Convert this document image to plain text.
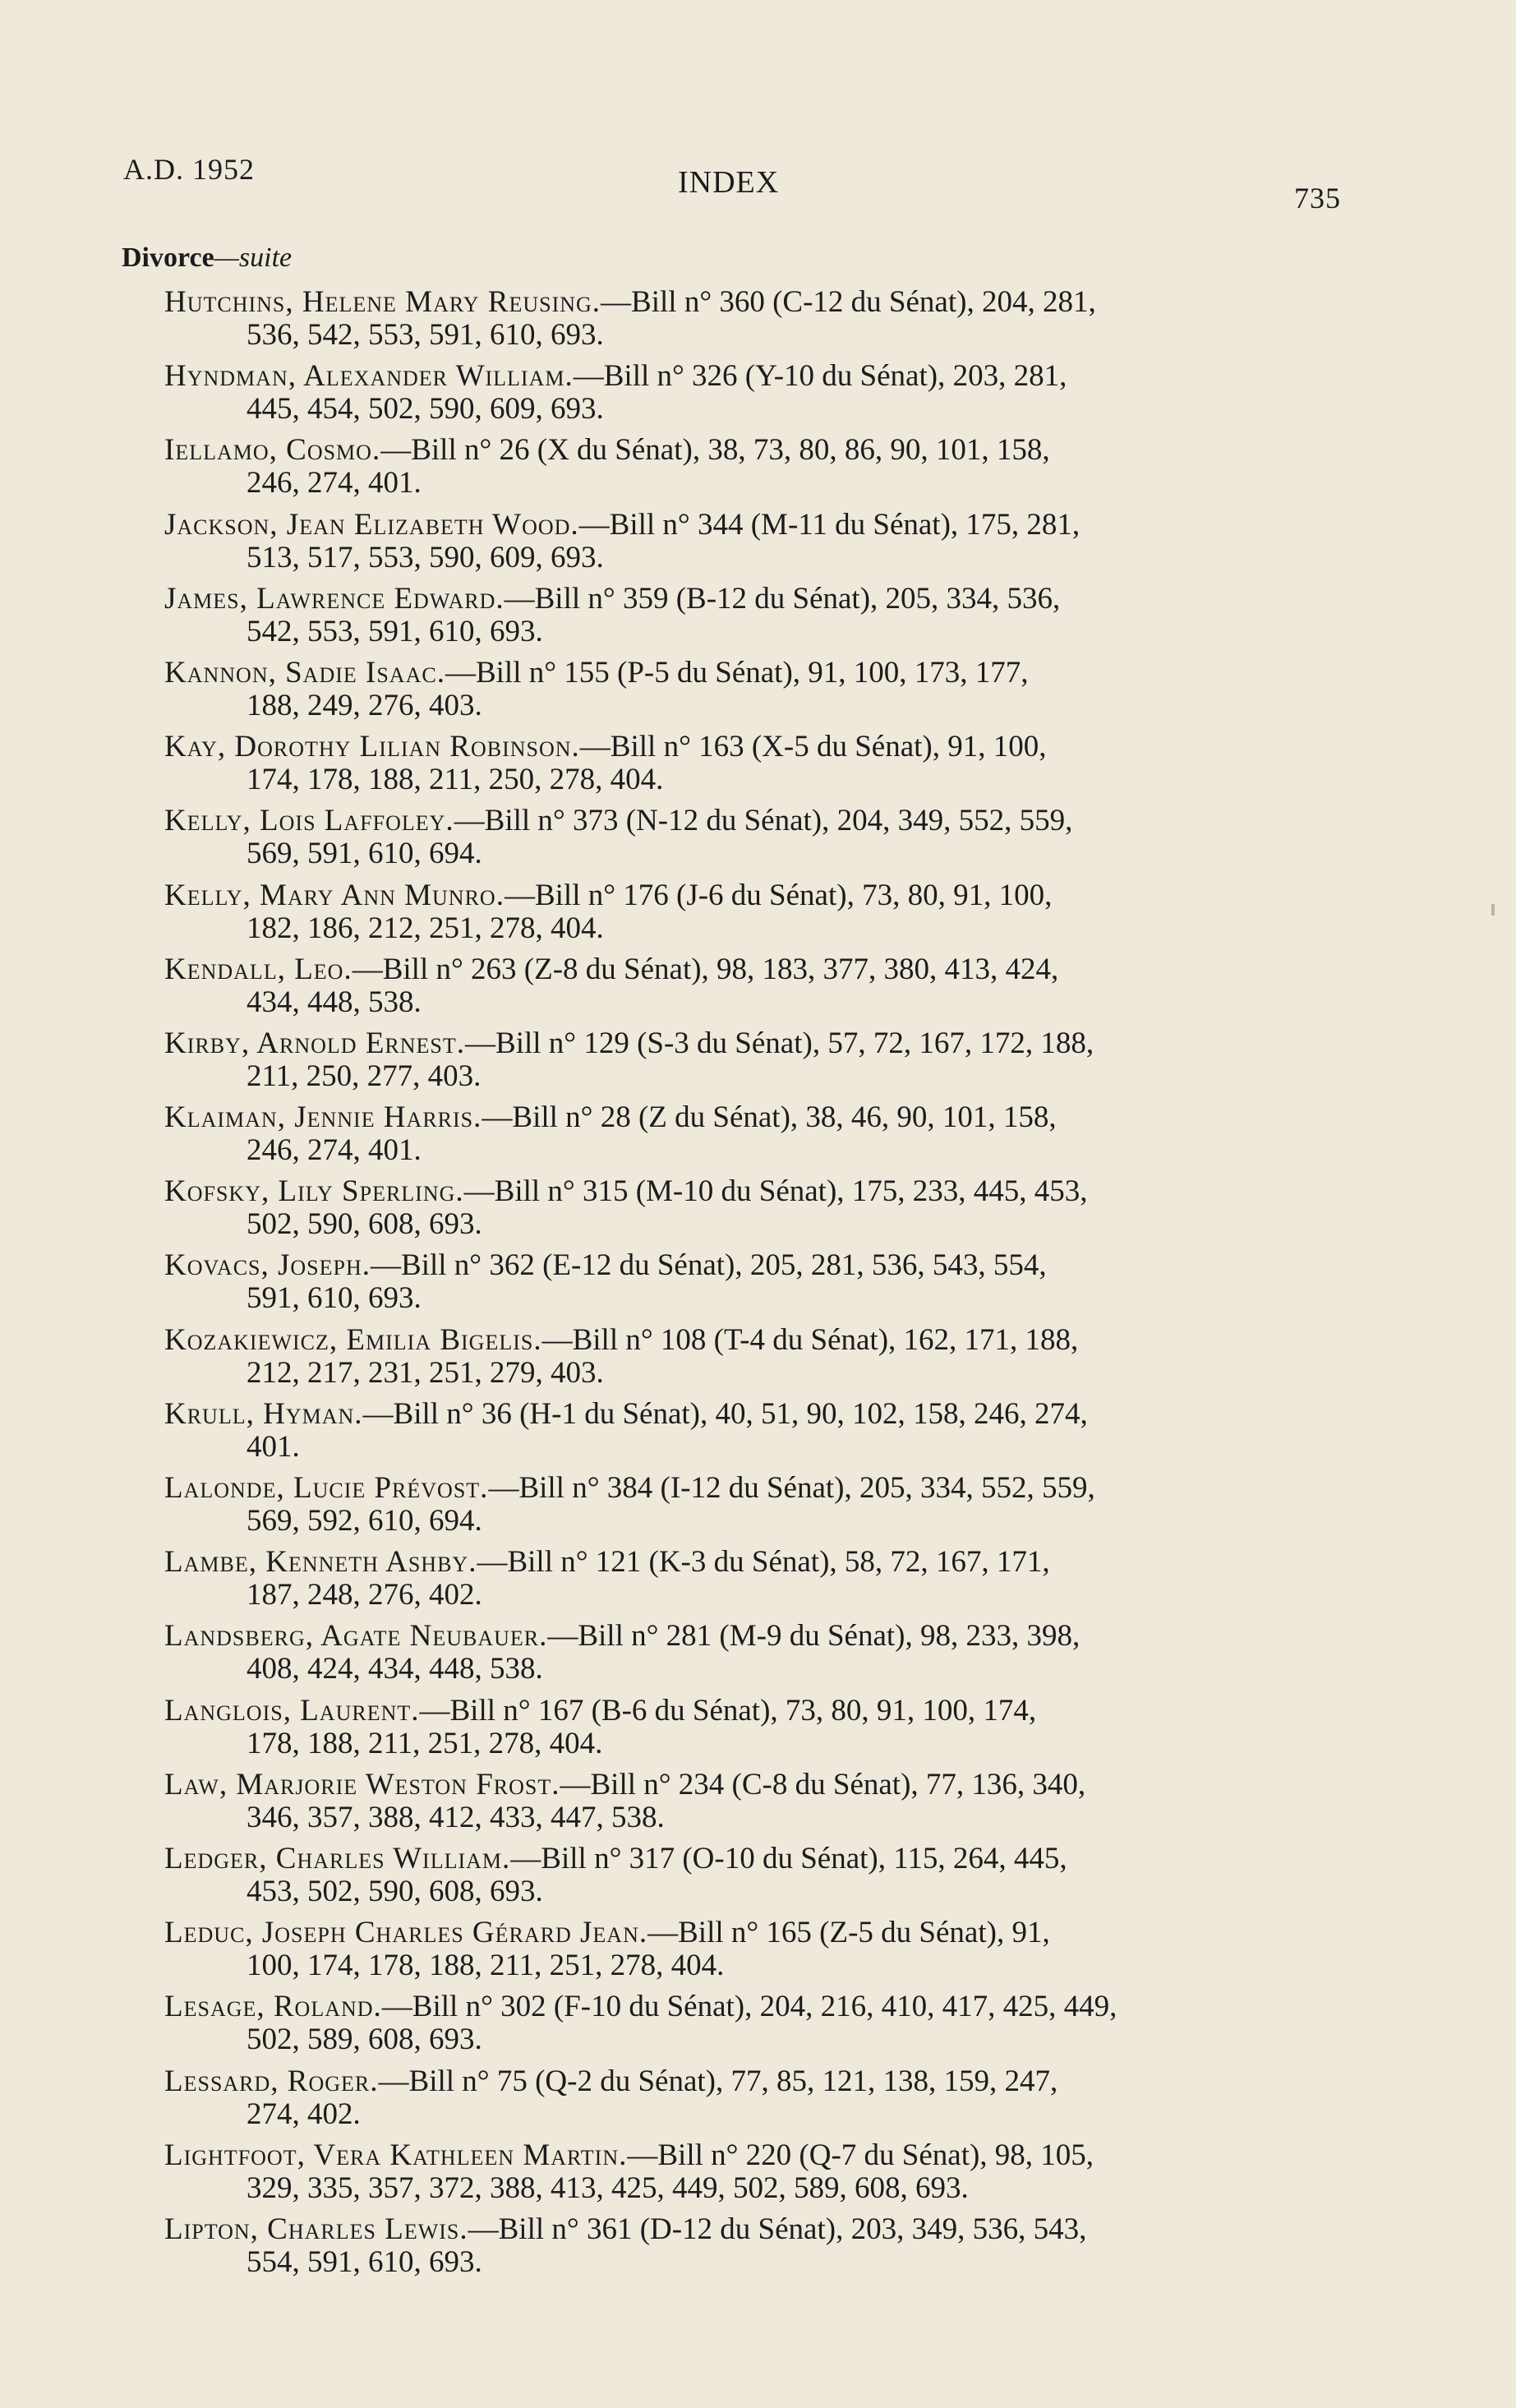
A.D. 1952	INDEX	735
Divorce—suite
Hutchins, Helene Mary Reusing.—Bill n° 360 (C-12 du Sénat), 204, 281,
536, 542, 553, 591, 610, 693.
Hyndman, Alexander William.—Bill n° 326 (Y-10 du Sénat), 203, 281,
445, 454, 502, 590, 609, 693.
Iellamo, Cosmo.—Bill n° 26 (X du Sénat), 38, 73, 80, 86, 90, 101, 158,
246, 274, 401.
Jackson, Jean Elizabeth Wood.—Bill n° 344 (M-11 du Sénat), 175, 281,
513, 517, 553, 590, 609, 693.
James, Lawrence Edward.—Bill n° 359 (B-12 du Sénat), 205, 334, 536,
542, 553, 591, 610, 693.
Kannon, Sadie Isaac.—Bill n° 155 (P-5 du Sénat), 91, 100, 173, 177,
188, 249, 276, 403.
Kay, Dorothy Lilian Robinson.—Bill n° 163 (X-5 du Sénat), 91, 100,
174, 178, 188, 211, 250, 278, 404.
Kelly, Lois Laffoley.—Bill n° 373 (N-12 du Sénat), 204, 349, 552, 559,
569, 591, 610, 694.
Kelly, Mary Ann Munro.—Bill n° 176 (J-6 du Sénat), 73, 80, 91, 100,
182, 186, 212, 251, 278, 404.
Kendall, Leo.—Bill n° 263 (Z-8 du Sénat), 98, 183, 377, 380, 413, 424,
434, 448, 538.
Kirby, Arnold Ernest.—Bill n° 129 (S-3 du Sénat), 57, 72, 167, 172, 188,
211, 250, 277, 403.
Klaiman, Jennie Harris.—Bill n° 28 (Z du Sénat), 38, 46, 90, 101, 158,
246, 274, 401.
Kofsky, Lily Sperling.—Bill n° 315 (M-10 du Sénat), 175, 233, 445, 453,
502, 590, 608, 693.
Kovacs, Joseph.—Bill n° 362 (E-12 du Sénat), 205, 281, 536, 543, 554,
591, 610, 693.
Kozakiewicz, Emilia Bigelis.—Bill n° 108 (T-4 du Sénat), 162, 171, 188,
212, 217, 231, 251, 279, 403.
Krull, Hyman.—Bill n° 36 (H-1 du Sénat), 40, 51, 90, 102, 158, 246, 274,
401.
Lalonde, Lucie Prévost.—Bill n° 384 (I-12 du Sénat), 205, 334, 552, 559,
569, 592, 610, 694.
Lambe, Kenneth Ashby.—Bill n° 121 (K-3 du Sénat), 58, 72, 167, 171,
187, 248, 276, 402.
Landsberg, Agate Neubauer.—Bill n° 281 (M-9 du Sénat), 98, 233, 398,
408, 424, 434, 448, 538.
Langlois, Laurent.—Bill n° 167 (B-6 du Sénat), 73, 80, 91, 100, 174,
178, 188, 211, 251, 278, 404.
Law, Marjorie Weston Frost.—Bill n° 234 (C-8 du Sénat), 77, 136, 340,
346, 357, 388, 412, 433, 447, 538.
Ledger, Charles William.—Bill n° 317 (O-10 du Sénat), 115, 264, 445,
453, 502, 590, 608, 693.
Leduc, Joseph Charles Gérard Jean.—Bill n° 165 (Z-5 du Sénat), 91,
100, 174, 178, 188, 211, 251, 278, 404.
Lesage, Roland.—Bill n° 302 (F-10 du Sénat), 204, 216, 410, 417, 425, 449,
502, 589, 608, 693.
Lessard, Roger.—Bill n° 75 (Q-2 du Sénat), 77, 85, 121, 138, 159, 247,
274, 402.
Lightfoot, Vera Kathleen Martin.—Bill n° 220 (Q-7 du Sénat), 98, 105,
329, 335, 357, 372, 388, 413, 425, 449, 502, 589, 608, 693.
Lipton, Charles Lewis.—Bill n° 361 (D-12 du Sénat), 203, 349, 536, 543,
554, 591, 610, 693.
